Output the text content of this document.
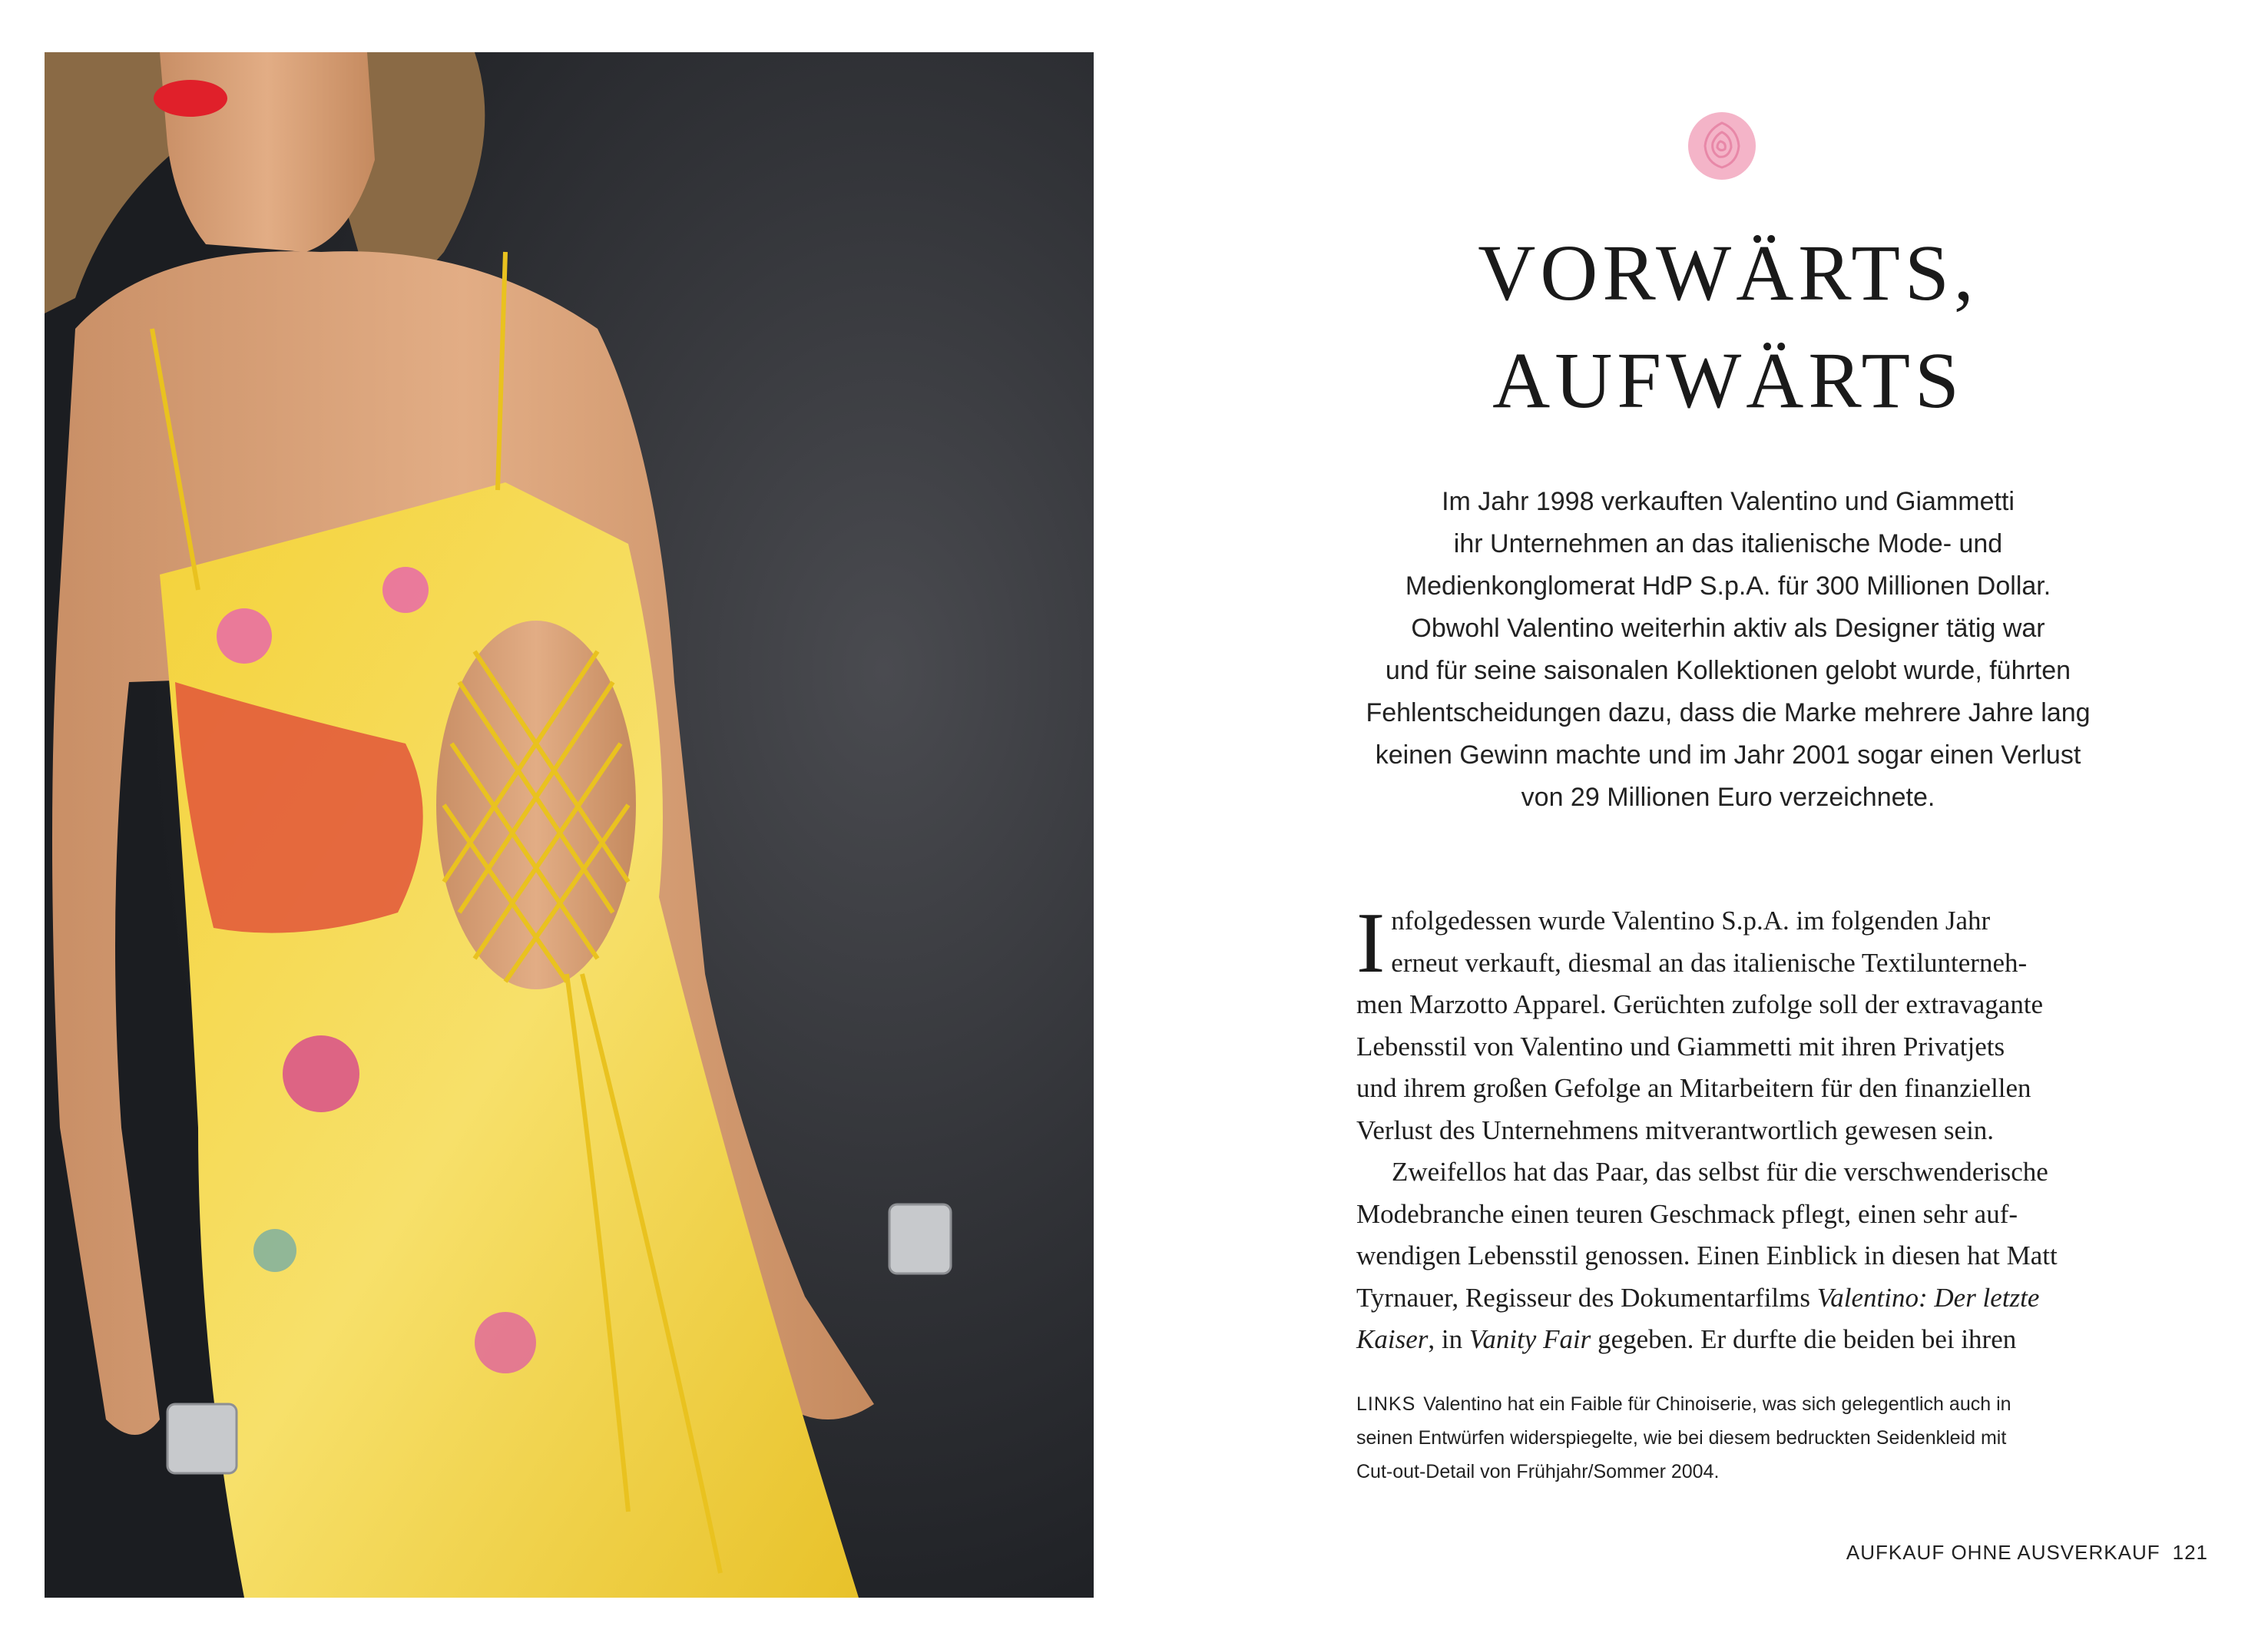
VORWÄRTS,
AUFWÄRTS
Im Jahr 1998 verkauften Valentino und Giammetti
ihr Unternehmen an das italienische Mode- und
Medienkonglomerat HdP S.p.A. für 300 Millionen Dollar.
Obwohl Valentino weiterhin aktiv als Designer tätig war
und für seine saisonalen Kollektionen gelobt wurde, führten
Fehlentscheidungen dazu, dass die Marke mehrere Jahre lang
keinen Gewinn machte und im Jahr 2001 sogar einen Verlust
von 29 Millionen Euro verzeichnete.
I nfolgedessen wurde Valentino S.p.A. im folgenden Jahr
erneut verkauft, diesmal an das italienische Textilunterneh-
men Marzotto Apparel. Gerüchten zufolge soll der extravagante
Lebensstil von Valentino und Giammetti mit ihren Privatjets
und ihrem großen Gefolge an Mitarbeitern für den finanziellen
Verlust des Unternehmens mitverantwortlich gewesen sein.
Zweifellos hat das Paar, das selbst für die verschwenderische
Modebranche einen teuren Geschmack pflegt, einen sehr auf-
wendigen Lebensstil genossen. Einen Einblick in diesen hat Matt
Tyrnauer, Regisseur des Dokumentarfilms Valentino: Der letzte
Kaiser, in Vanity Fair gegeben. Er durfte die beiden bei ihren
LINKS Valentino hat ein Faible für Chinoiserie, was sich gelegentlich auch in
seinen Entwürfen widerspiegelte, wie bei diesem bedruckten Seidenkleid mit
Cut-out-Detail von Frühjahr/Sommer 2004.
AUFKAUF OHNE AUSVERKAUF 121
